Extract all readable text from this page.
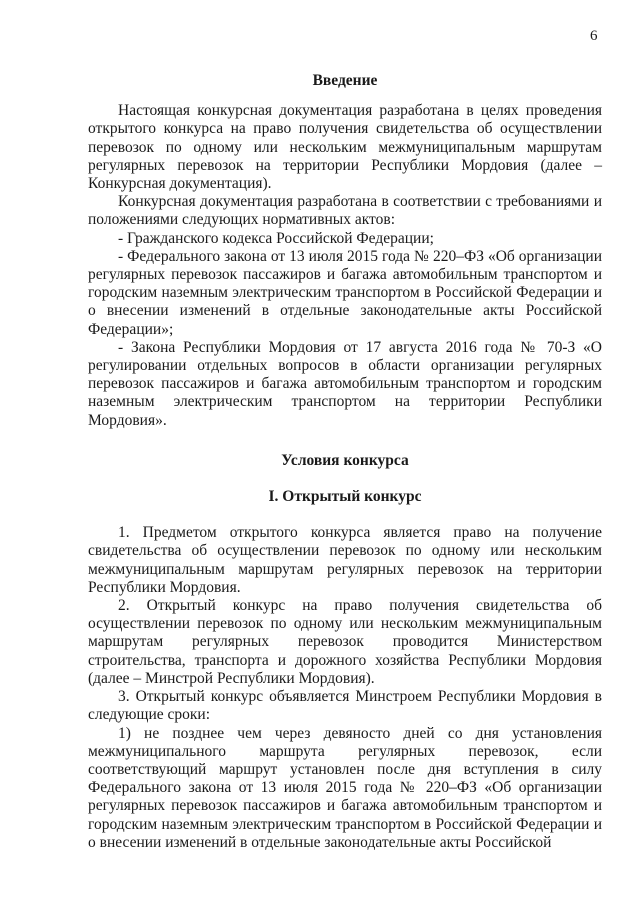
6

Введение

Настоящая конкурсная документация разработана в целях проведения открытого конкурса на право получения свидетельства об осуществлении перевозок по одному или нескольким межмуниципальным маршрутам регулярных перевозок на территории Республики Мордовия (далее – Конкурсная документация).

Конкурсная документация разработана в соответствии с требованиями и положениями следующих нормативных актов:

- Гражданского кодекса Российской Федерации;

- Федерального закона от 13 июля 2015 года № 220–ФЗ «Об организации регулярных перевозок пассажиров и багажа автомобильным транспортом и городским наземным электрическим транспортом в Российской Федерации и о внесении изменений в отдельные законодательные акты Российской Федерации»;

- Закона Республики Мордовия от 17 августа 2016 года № 70-З «О регулировании отдельных вопросов в области организации регулярных перевозок пассажиров и багажа автомобильным транспортом и городским наземным электрическим транспортом на территории Республики Мордовия».

Условия конкурса

I. Открытый конкурс

1. Предметом открытого конкурса является право на получение свидетельства об осуществлении перевозок по одному или нескольким межмуниципальным маршрутам регулярных перевозок на территории Республики Мордовия.

2. Открытый конкурс на право получения свидетельства об осуществлении перевозок по одному или нескольким межмуниципальным маршрутам регулярных перевозок проводится Министерством строительства, транспорта и дорожного хозяйства Республики Мордовия (далее – Минстрой Республики Мордовия).

3. Открытый конкурс объявляется Минстроем Республики Мордовия в следующие сроки:

1) не позднее чем через девяносто дней со дня установления межмуниципального маршрута регулярных перевозок, если соответствующий маршрут установлен после дня вступления в силу Федерального закона от 13 июля 2015 года № 220–ФЗ «Об организации регулярных перевозок пассажиров и багажа автомобильным транспортом и городским наземным электрическим транспортом в Российской Федерации и о внесении изменений в отдельные законодательные акты Российской
